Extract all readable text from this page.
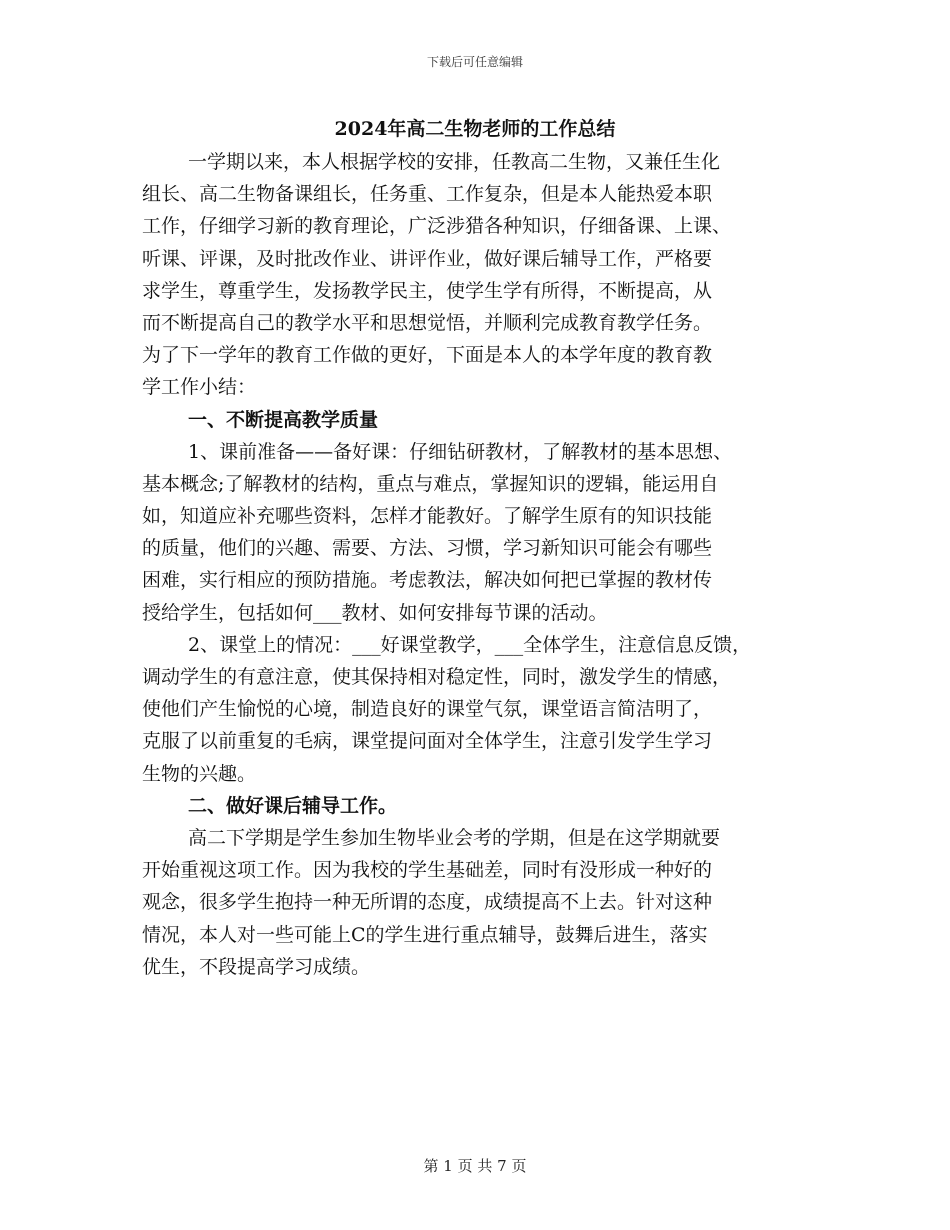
下载后可任意编辑
2024年高二生物老师的工作总结

一学期以来，本人根据学校的安排，任教高二生物，又兼任生化

组长、高二生物备课组长，任务重、工作复杂，但是本人能热爱本职

工作，仔细学习新的教育理论，广泛涉猎各种知识，仔细备课、上课、

听课、评课，及时批改作业、讲评作业，做好课后辅导工作，严格要

求学生，尊重学生，发扬教学民主，使学生学有所得，不断提高，从

而不断提高自己的教学水平和思想觉悟，并顺利完成教育教学任务。

为了下一学年的教育工作做的更好，下面是本人的本学年度的教育教

学工作小结：

一、不断提高教学质量

1、课前准备——备好课：仔细钻研教材，了解教材的基本思想、

基本概念;了解教材的结构，重点与难点，掌握知识的逻辑，能运用自

如，知道应补充哪些资料，怎样才能教好。了解学生原有的知识技能

的质量，他们的兴趣、需要、方法、习惯，学习新知识可能会有哪些

困难，实行相应的预防措施。考虑教法，解决如何把已掌握的教材传

授给学生，包括如何___教材、如何安排每节课的活动。

2、课堂上的情况：___好课堂教学，___全体学生，注意信息反馈，

调动学生的有意注意，使其保持相对稳定性，同时，激发学生的情感，

使他们产生愉悦的心境，制造良好的课堂气氛，课堂语言简洁明了，

克服了以前重复的毛病，课堂提问面对全体学生，注意引发学生学习

生物的兴趣。

二、做好课后辅导工作。

高二下学期是学生参加生物毕业会考的学期，但是在这学期就要

开始重视这项工作。因为我校的学生基础差，同时有没形成一种好的

观念，很多学生抱持一种无所谓的态度，成绩提高不上去。针对这种

情况，本人对一些可能上C的学生进行重点辅导，鼓舞后进生，落实

优生，不段提高学习成绩。

第 1 页 共 7 页
